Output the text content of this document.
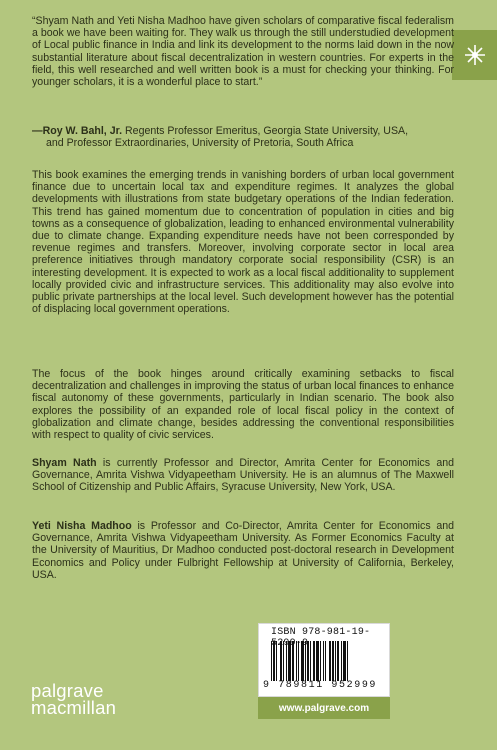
“Shyam Nath and Yeti Nisha Madhoo have given scholars of comparative fiscal federalism a book we have been waiting for. They walk us through the still understudied development of Local public finance in India and link its development to the norms laid down in the now substantial literature about fiscal decentralization in western countries. For experts in the field, this well researched and well written book is a must for checking your thinking. For younger scholars, it is a wonderful place to start.”
—Roy W. Bahl, Jr. Regents Professor Emeritus, Georgia State University, USA,
and Professor Extraordinaries, University of Pretoria, South Africa
This book examines the emerging trends in vanishing borders of urban local government finance due to uncertain local tax and expenditure regimes. It analyzes the global developments with illustrations from state budgetary operations of the Indian federation. This trend has gained momentum due to concentration of population in cities and big towns as a consequence of globalization, leading to enhanced environmental vulnerability due to climate change. Expanding expenditure needs have not been corresponded by revenue regimes and transfers. Moreover, involving corporate sector in local area preference initiatives through mandatory corporate social responsibility (CSR) is an interesting development. It is expected to work as a local fiscal additionality to supplement locally provided civic and infrastructure services. This additionality may also evolve into public private partnerships at the local level. Such development however has the potential of displacing local government operations.
The focus of the book hinges around critically examining setbacks to fiscal decentralization and challenges in improving the status of urban local finances to enhance fiscal autonomy of these governments, particularly in Indian scenario. The book also explores the possibility of an expanded role of local fiscal policy in the context of globalization and climate change, besides addressing the conventional responsibilities with respect to quality of civic services.
Shyam Nath is currently Professor and Director, Amrita Center for Economics and Governance, Amrita Vishwa Vidyapeetham University. He is an alumnus of The Maxwell School of Citizenship and Public Affairs, Syracuse University, New York, USA.
Yeti Nisha Madhoo is Professor and Co-Director, Amrita Center for Economics and Governance, Amrita Vishwa Vidyapeetham University. As Former Economics Faculty at the University of Mauritius, Dr Madhoo conducted post-doctoral research in Development Economics and Policy under Fulbright Fellowship at University of California, Berkeley, USA.
palgrave
macmillan
ISBN 978-981-19- 29
9 789811 952999
www.palgrave.com
